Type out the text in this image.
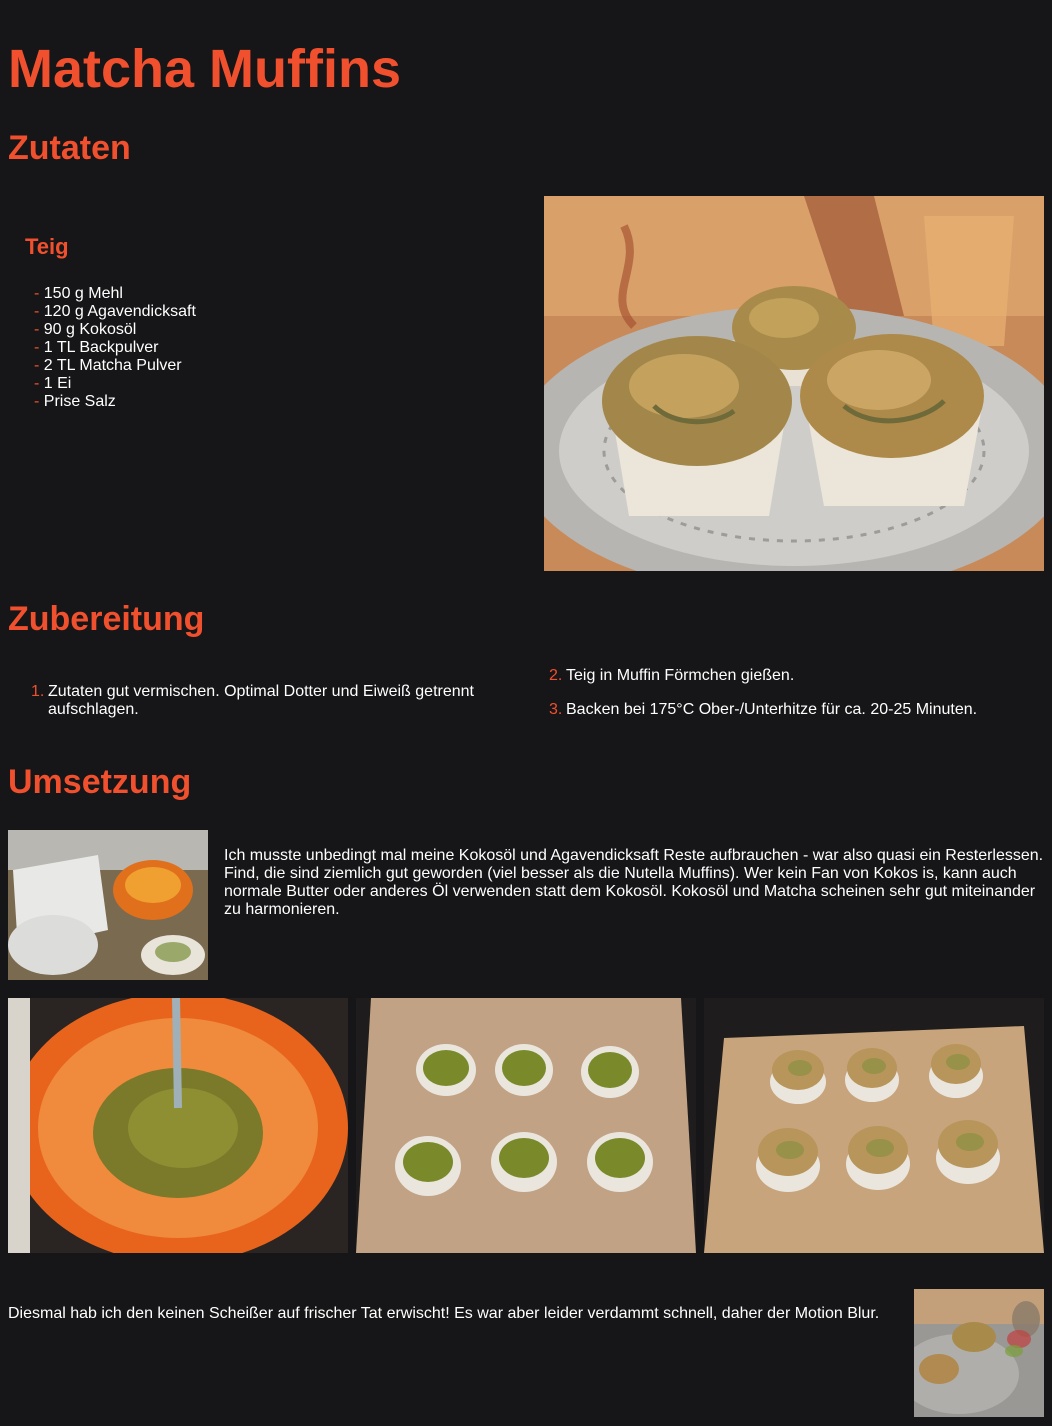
Matcha Muffins
Zutaten
Teig
- 150 g Mehl
- 120 g Agavendicksaft
- 90 g Kokosöl
- 1 TL Backpulver
- 2 TL Matcha Pulver
- 1 Ei
- Prise Salz
Zubereitung
1. Zutaten gut vermischen. Optimal Dotter und Eiweiß getrennt aufschlagen.
2. Teig in Muffin Förmchen gießen.
3. Backen bei 175°C Ober-/Unterhitze für ca. 20-25 Minuten.
Umsetzung

Ich musste unbedingt mal meine Kokosöl und Agavendicksaft Reste aufbrauchen - war also quasi ein Resterlessen. Find, die sind ziemlich gut geworden (viel besser als die Nutella Muffins). Wer kein Fan von Kokos is, kann auch normale Butter oder anderes Öl verwenden statt dem Kokosöl. Kokosöl und Matcha scheinen sehr gut miteinander zu harmonieren.

Diesmal hab ich den keinen Scheißer auf frischer Tat erwischt! Es war aber leider verdammt schnell, daher der Motion Blur.
